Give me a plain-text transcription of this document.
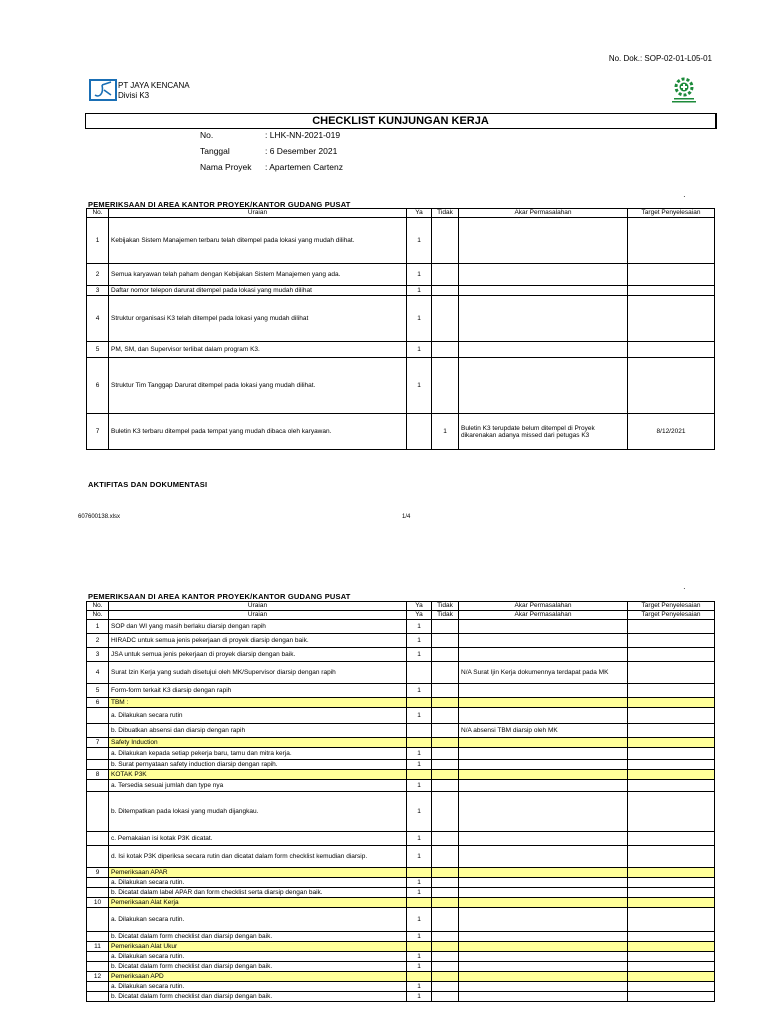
No. Dok.: SOP-02-01-L05-01
PT JAYA KENCANA
Divisi K3
CHECKLIST KUNJUNGAN KERJA
No.	: LHK-NN-2021-019
Tanggal	: 6 Desember 2021
Nama Proyek : Apartemen Cartenz
PEMERIKSAAN DI AREA KANTOR PROYEK/KANTOR GUDANG PUSAT
·
No.	Uraian	Ya	Tidak	Akar Permasalahan	Target Penyelesaian
1	Kebijakan Sistem Manajemen terbaru telah ditempel pada lokasi yang mudah dilihat.	1			
2	Semua karyawan telah paham dengan Kebijakan Sistem Manajemen yang ada.	1			
3	Daftar nomor telepon darurat ditempel pada lokasi yang mudah dilihat	1			
4	Struktur organisasi K3 telah ditempel pada lokasi yang mudah dilihat	1			
5	PM, SM, dan Supervisor terlibat dalam program K3.	1			
6	Struktur Tim Tanggap Darurat ditempel pada lokasi yang mudah dilihat.	1			
7	Buletin K3 terbaru ditempel pada tempat yang mudah dibaca oleh karyawan.		1	Buletin K3 terupdate belum ditempel di Proyek dikarenakan adanya missed dari petugas K3	8/12/2021
AKTIFITAS DAN DOKUMENTASI
607600138.xlsx	1/4
PEMERIKSAAN DI AREA KANTOR PROYEK/KANTOR GUDANG PUSAT
·
No.	Uraian	Ya	Tidak	Akar Permasalahan	Target Penyelesaian
No.	Uraian	Ya	Tidak	Akar Permasalahan	Target Penyelesaian
1	SOP dan WI yang masih berlaku diarsip dengan rapih	1			
2	HIRADC untuk semua jenis pekerjaan di proyek diarsip dengan baik.	1			
3	JSA untuk semua jenis pekerjaan di proyek diarsip dengan baik.	1			
4	Surat Izin Kerja yang sudah disetujui oleh MK/Supervisor diarsip dengan rapih			N/A Surat Ijin Kerja dokumennya terdapat pada MK	
5	Form-form terkait K3 diarsip dengan rapih	1			
6	TBM :				
	a. Dilakukan secara rutin	1			
	b. Dibuatkan absensi dan diarsip dengan rapih			N/A absensi TBM diarsip oleh MK	
7	Safety Induction				
	a. Dilakukan kepada setiap pekerja baru, tamu dan mitra kerja.	1			
	b. Surat pernyataan safety induction diarsip dengan rapih.	1			
8	KOTAK P3K				
	a. Tersedia sesuai jumlah dan type nya	1			
	b. Ditempatkan pada lokasi yang mudah dijangkau.	1			
	c. Pemakaian isi kotak P3K dicatat.	1			
	d. Isi kotak P3K diperiksa secara rutin dan dicatat dalam form checklist kemudian diarsip.	1			
9	Pemeriksaan APAR				
	a. Dilakukan secara rutin.	1			
	b. Dicatat dalam label APAR dan form checklist serta diarsip dengan baik.	1			
10	Pemeriksaan Alat Kerja				
	a. Dilakukan secara rutin.	1			
	b. Dicatat dalam form checklist dan diarsip dengan baik.	1			
11	Pemeriksaan Alat Ukur				
	a. Dilakukan secara rutin.	1			
	b. Dicatat dalam form checklist dan diarsip dengan baik.	1			
12	Pemeriksaan APD				
	a. Dilakukan secara rutin.	1			
	b. Dicatat dalam form checklist dan diarsip dengan baik.	1			
